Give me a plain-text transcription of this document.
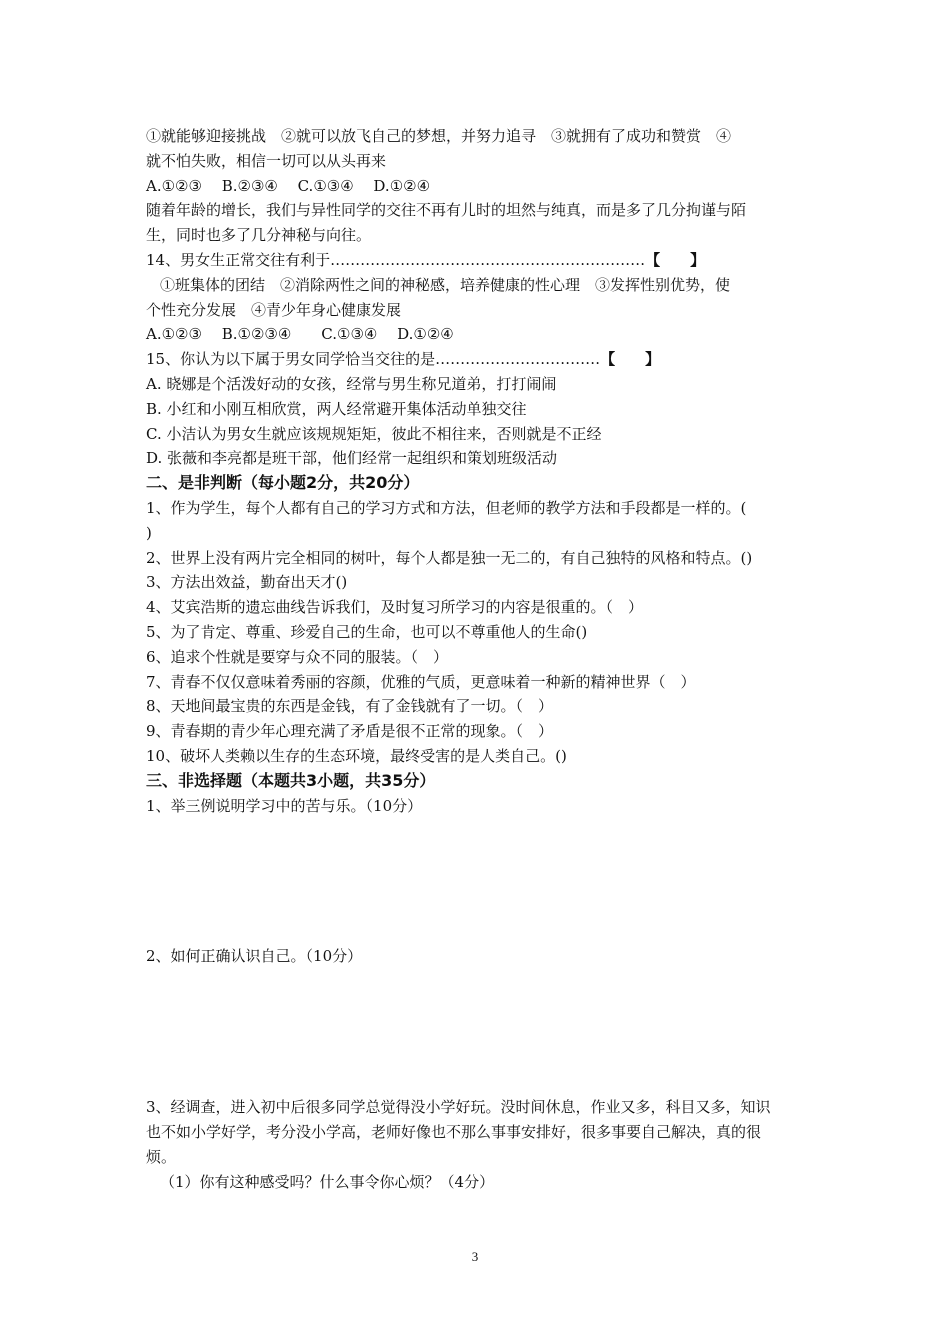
①就能够迎接挑战　②就可以放飞自己的梦想，并努力追寻　③就拥有了成功和赞赏　④
就不怕失败，相信一切可以从头再来
A.①②③　 B.②③④　 C.①③④　 D.①②④
随着年龄的增长，我们与异性同学的交往不再有儿时的坦然与纯真，而是多了几分拘谨与陌
生，同时也多了几分神秘与向往。
14、男女生正常交往有利于………………………………………………………【　　】
①班集体的团结　②消除两性之间的神秘感，培养健康的性心理　③发挥性别优势，使
个性充分发展　④青少年身心健康发展
A.①②③　 B.①②③④　　C.①③④　 D.①②④
15、你认为以下属于男女同学恰当交往的是……………………………【　　】
A. 晓娜是个活泼好动的女孩，经常与男生称兄道弟，打打闹闹
B. 小红和小刚互相欣赏，两人经常避开集体活动单独交往
C. 小洁认为男女生就应该规规矩矩，彼此不相往来，否则就是不正经
D. 张薇和李亮都是班干部，他们经常一起组织和策划班级活动
二、是非判断（每小题2分，共20分）
1、作为学生，每个人都有自己的学习方式和方法，但老师的教学方法和手段都是一样的。(
)
2、世界上没有两片完全相同的树叶，每个人都是独一无二的，有自己独特的风格和特点。()
3、方法出效益，勤奋出天才()
4、艾宾浩斯的遗忘曲线告诉我们，及时复习所学习的内容是很重的。（　）
5、为了肯定、尊重、珍爱自己的生命，也可以不尊重他人的生命()
6、追求个性就是要穿与众不同的服装。（　）
7、青春不仅仅意味着秀丽的容颜，优雅的气质，更意味着一种新的精神世界（　）
8、天地间最宝贵的东西是金钱，有了金钱就有了一切。（　）
9、青春期的青少年心理充满了矛盾是很不正常的现象。（　）
10、破坏人类赖以生存的生态环境，最终受害的是人类自己。()
三、非选择题（本题共3小题，共35分）
1、举三例说明学习中的苦与乐。（10分）
2、如何正确认识自己。（10分）
3、经调查，进入初中后很多同学总觉得没小学好玩。没时间休息，作业又多，科目又多，知识
也不如小学好学，考分没小学高，老师好像也不那么事事安排好，很多事要自己解决，真的很
烦。
（1）你有这种感受吗？什么事令你心烦？（4分）
3
